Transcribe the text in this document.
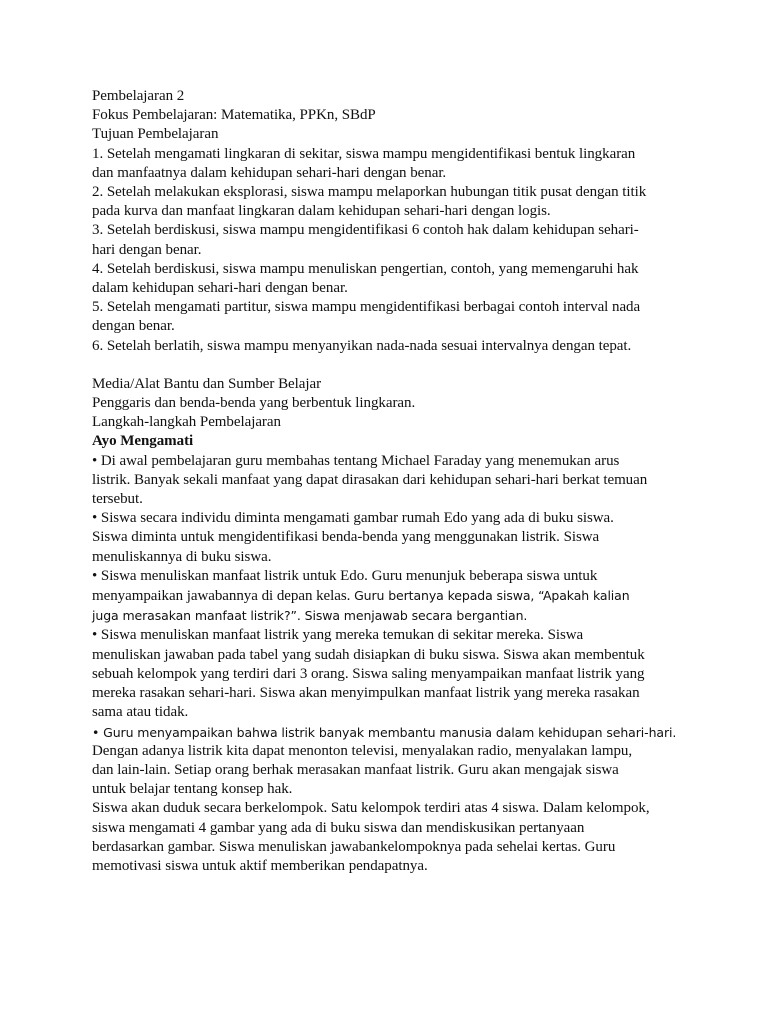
Pembelajaran 2
Fokus Pembelajaran: Matematika, PPKn, SBdP
Tujuan Pembelajaran
1. Setelah mengamati lingkaran di sekitar, siswa mampu mengidentifikasi bentuk lingkaran
dan manfaatnya dalam kehidupan sehari-hari dengan benar.
2. Setelah melakukan eksplorasi, siswa mampu melaporkan hubungan titik pusat dengan titik
pada kurva dan manfaat lingkaran dalam kehidupan sehari-hari dengan logis.
3. Setelah berdiskusi, siswa mampu mengidentifikasi 6 contoh hak dalam kehidupan sehari-
hari dengan benar.
4. Setelah berdiskusi, siswa mampu menuliskan pengertian, contoh, yang memengaruhi hak
dalam kehidupan sehari-hari dengan benar.
5. Setelah mengamati partitur, siswa mampu mengidentifikasi berbagai contoh interval nada
dengan benar.
6. Setelah berlatih, siswa mampu menyanyikan nada-nada sesuai intervalnya dengan tepat.
Media/Alat Bantu dan Sumber Belajar
Penggaris dan benda-benda yang berbentuk lingkaran.
Langkah-langkah Pembelajaran
Ayo Mengamati
• Di awal pembelajaran guru membahas tentang Michael Faraday yang menemukan arus
listrik. Banyak sekali manfaat yang dapat dirasakan dari kehidupan sehari-hari berkat temuan
tersebut.
• Siswa secara individu diminta mengamati gambar rumah Edo yang ada di buku siswa.
Siswa diminta untuk mengidentifikasi benda-benda yang menggunakan listrik. Siswa
menuliskannya di buku siswa.
• Siswa menuliskan manfaat listrik untuk Edo. Guru menunjuk beberapa siswa untuk
menyampaikan jawabannya di depan kelas. Guru bertanya kepada siswa, “Apakah kalian
juga merasakan manfaat listrik?”. Siswa menjawab secara bergantian.
• Siswa menuliskan manfaat listrik yang mereka temukan di sekitar mereka. Siswa
menuliskan jawaban pada tabel yang sudah disiapkan di buku siswa. Siswa akan membentuk
sebuah kelompok yang terdiri dari 3 orang. Siswa saling menyampaikan manfaat listrik yang
mereka rasakan sehari-hari. Siswa akan menyimpulkan manfaat listrik yang mereka rasakan
sama atau tidak.
• Guru menyampaikan bahwa listrik banyak membantu manusia dalam kehidupan sehari-hari.
Dengan adanya listrik kita dapat menonton televisi, menyalakan radio, menyalakan lampu,
dan lain-lain. Setiap orang berhak merasakan manfaat listrik. Guru akan mengajak siswa
untuk belajar tentang konsep hak.
Siswa akan duduk secara berkelompok. Satu kelompok terdiri atas 4 siswa. Dalam kelompok,
siswa mengamati 4 gambar yang ada di buku siswa dan mendiskusikan pertanyaan
berdasarkan gambar. Siswa menuliskan jawabankelompoknya pada sehelai kertas. Guru
memotivasi siswa untuk aktif memberikan pendapatnya.
